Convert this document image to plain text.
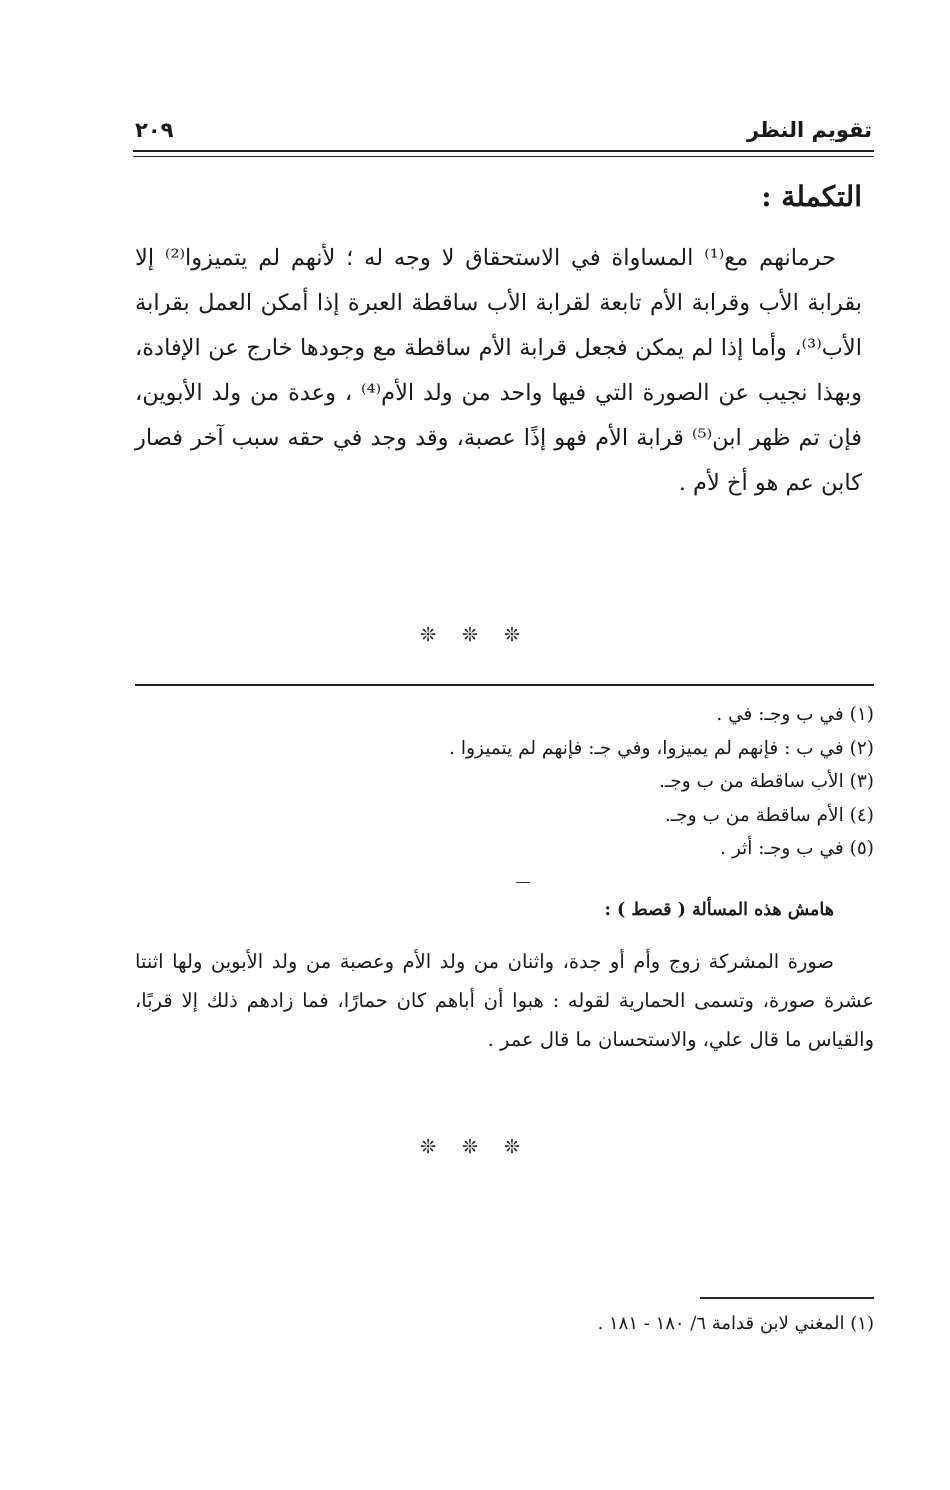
تقويم النظر
٢٠٩
التكملة :

حرمانهم مع⁽¹⁾ المساواة في الاستحقاق لا وجه له ؛ لأنهم لم يتميزوا⁽²⁾ إلا بقرابة الأب وقرابة الأم تابعة لقرابة الأب ساقطة العبرة إذا أمكن العمل بقرابة الأب⁽³⁾، وأما إذا لم يمكن فجعل قرابة الأم ساقطة مع وجودها خارج عن الإفادة، وبهذا نجيب عن الصورة التي فيها واحد من ولد الأم⁽⁴⁾ ، وعدة من ولد الأبوين، فإن تم ظهر ابن⁽⁵⁾ قرابة الأم فهو إذًا عصبة، وقد وجد في حقه سبب آخر فصار كابن عم هو أخ لأم .

❊ ❊ ❊
(١) في ب وجـ: في .
(٢) في ب : فإنهم لم يميزوا، وفي جـ: فإنهم لم يتميزوا .
(٣) الأب ساقطة من ب وجـ.
(٤) الأم ساقطة من ب وجـ.
(٥) في ب وجـ: أثر .
هامش هذه المسألة ( قصط ) :

صورة المشركة زوج وأم أو جدة، واثنان من ولد الأم وعصبة من ولد الأبوين ولها اثنتا عشرة صورة، وتسمى الحمارية لقوله : هبوا أن أباهم كان حمارًا، فما زادهم ذلك إلا قربًا، والقياس ما قال علي، والاستحسان ما قال عمر .

❊ ❊ ❊
(١) المغني لابن قدامة ٦/ ١٨٠ - ١٨١ .
